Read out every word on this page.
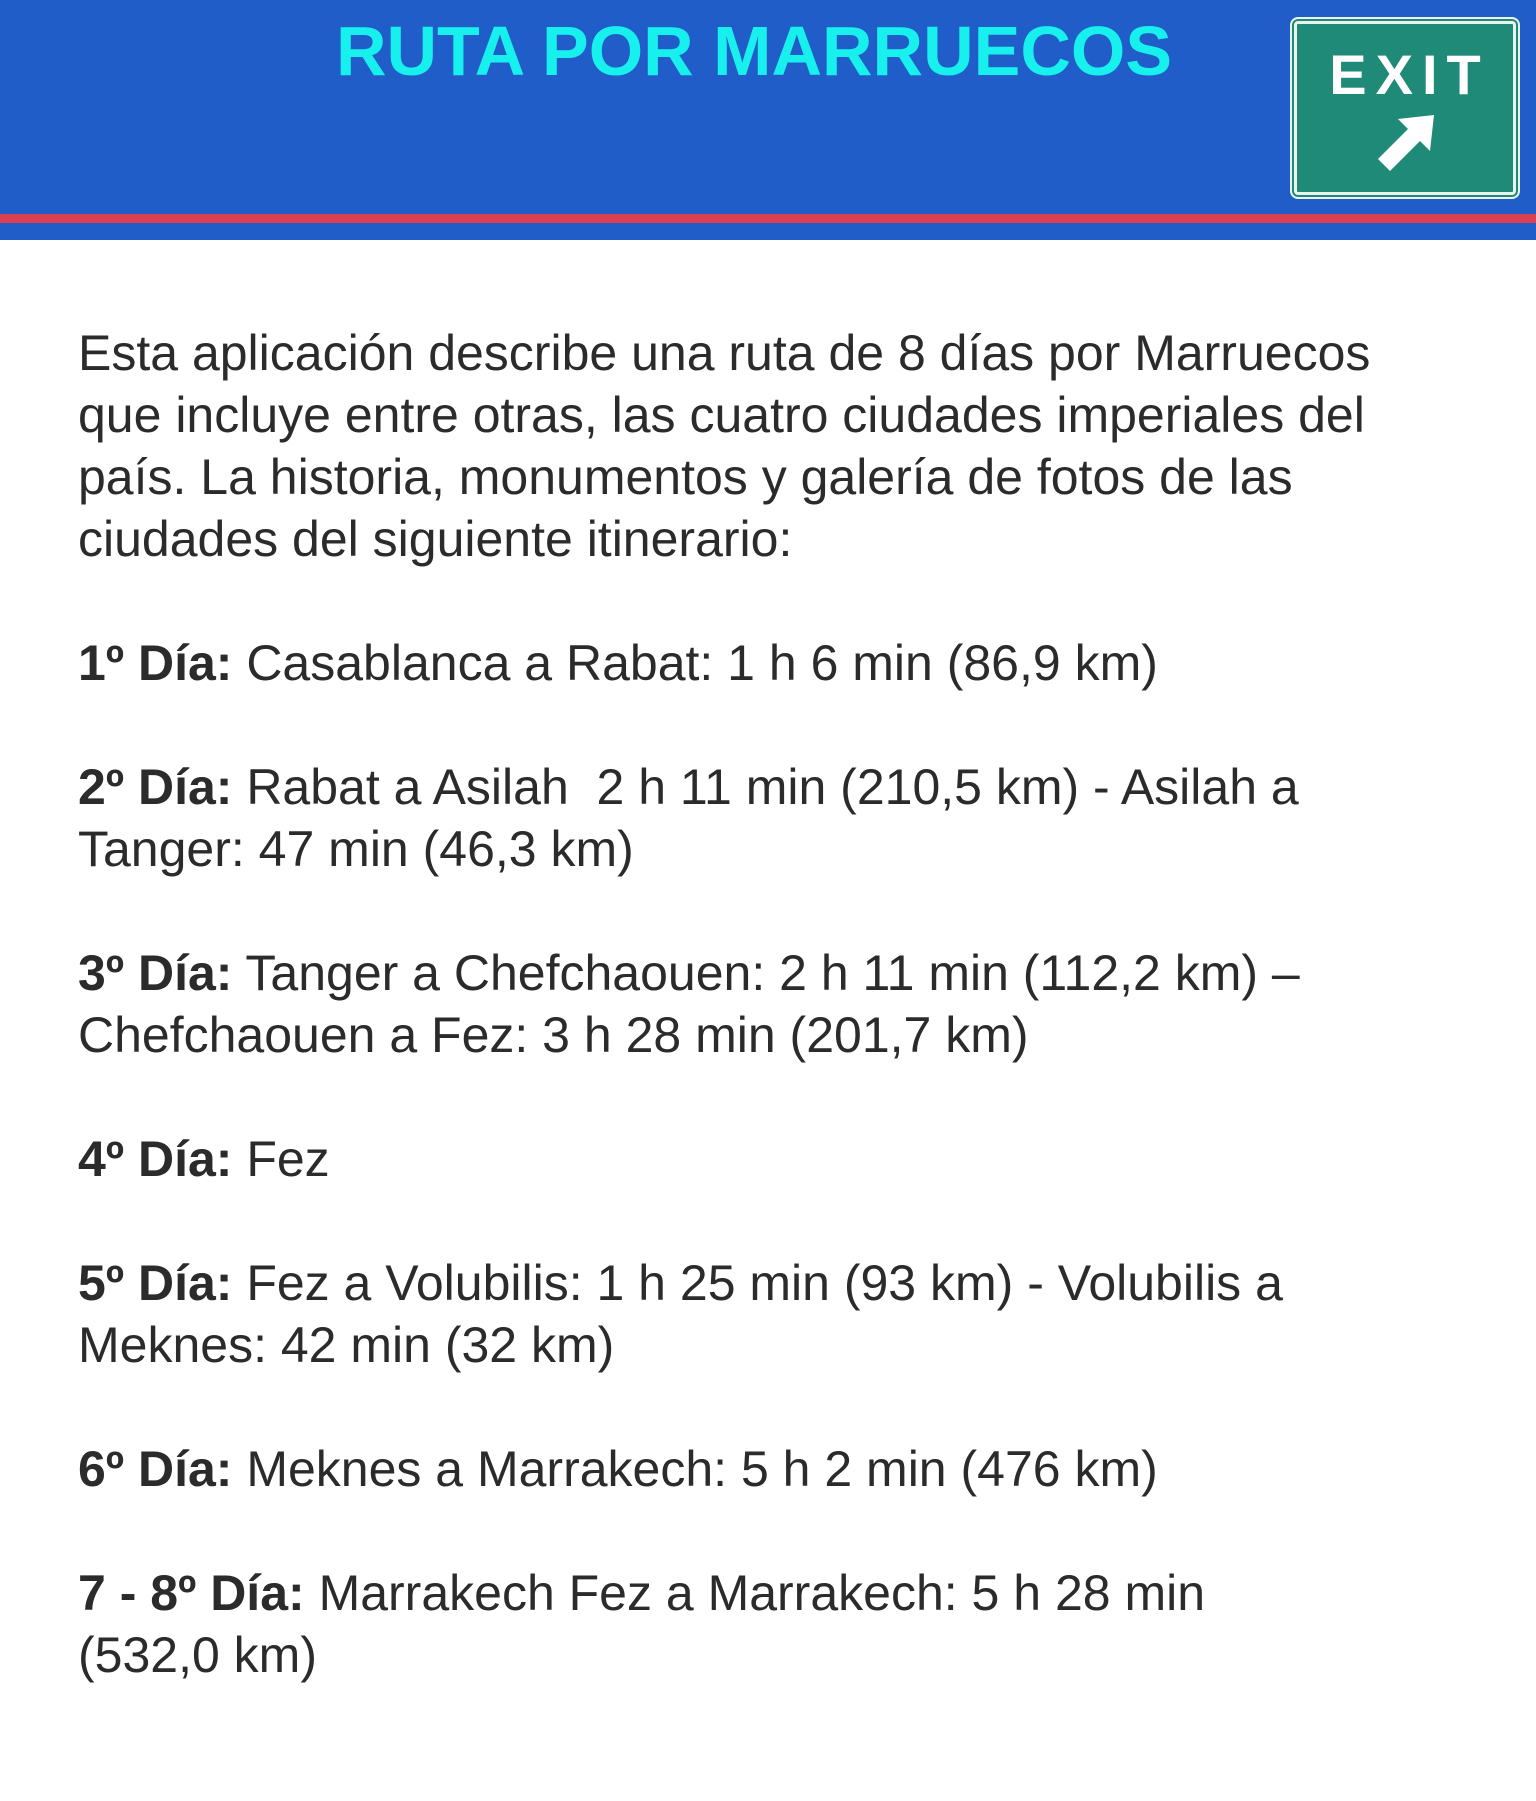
RUTA POR MARRUECOS	EXIT

Esta aplicación describe una ruta de 8 días por Marruecos
que incluye entre otras, las cuatro ciudades imperiales del
país. La historia, monumentos y galería de fotos de las
ciudades del siguiente itinerario:

1º Día: Casablanca a Rabat: 1 h 6 min (86,9 km)

2º Día: Rabat a Asilah  2 h 11 min (210,5 km) - Asilah a
Tanger: 47 min (46,3 km)

3º Día: Tanger a Chefchaouen: 2 h 11 min (112,2 km) –
Chefchaouen a Fez: 3 h 28 min (201,7 km)

4º Día: Fez

5º Día: Fez a Volubilis: 1 h 25 min (93 km) - Volubilis a
Meknes: 42 min (32 km)

6º Día: Meknes a Marrakech: 5 h 2 min (476 km)

7 - 8º Día: Marrakech Fez a Marrakech: 5 h 28 min
(532,0 km)
